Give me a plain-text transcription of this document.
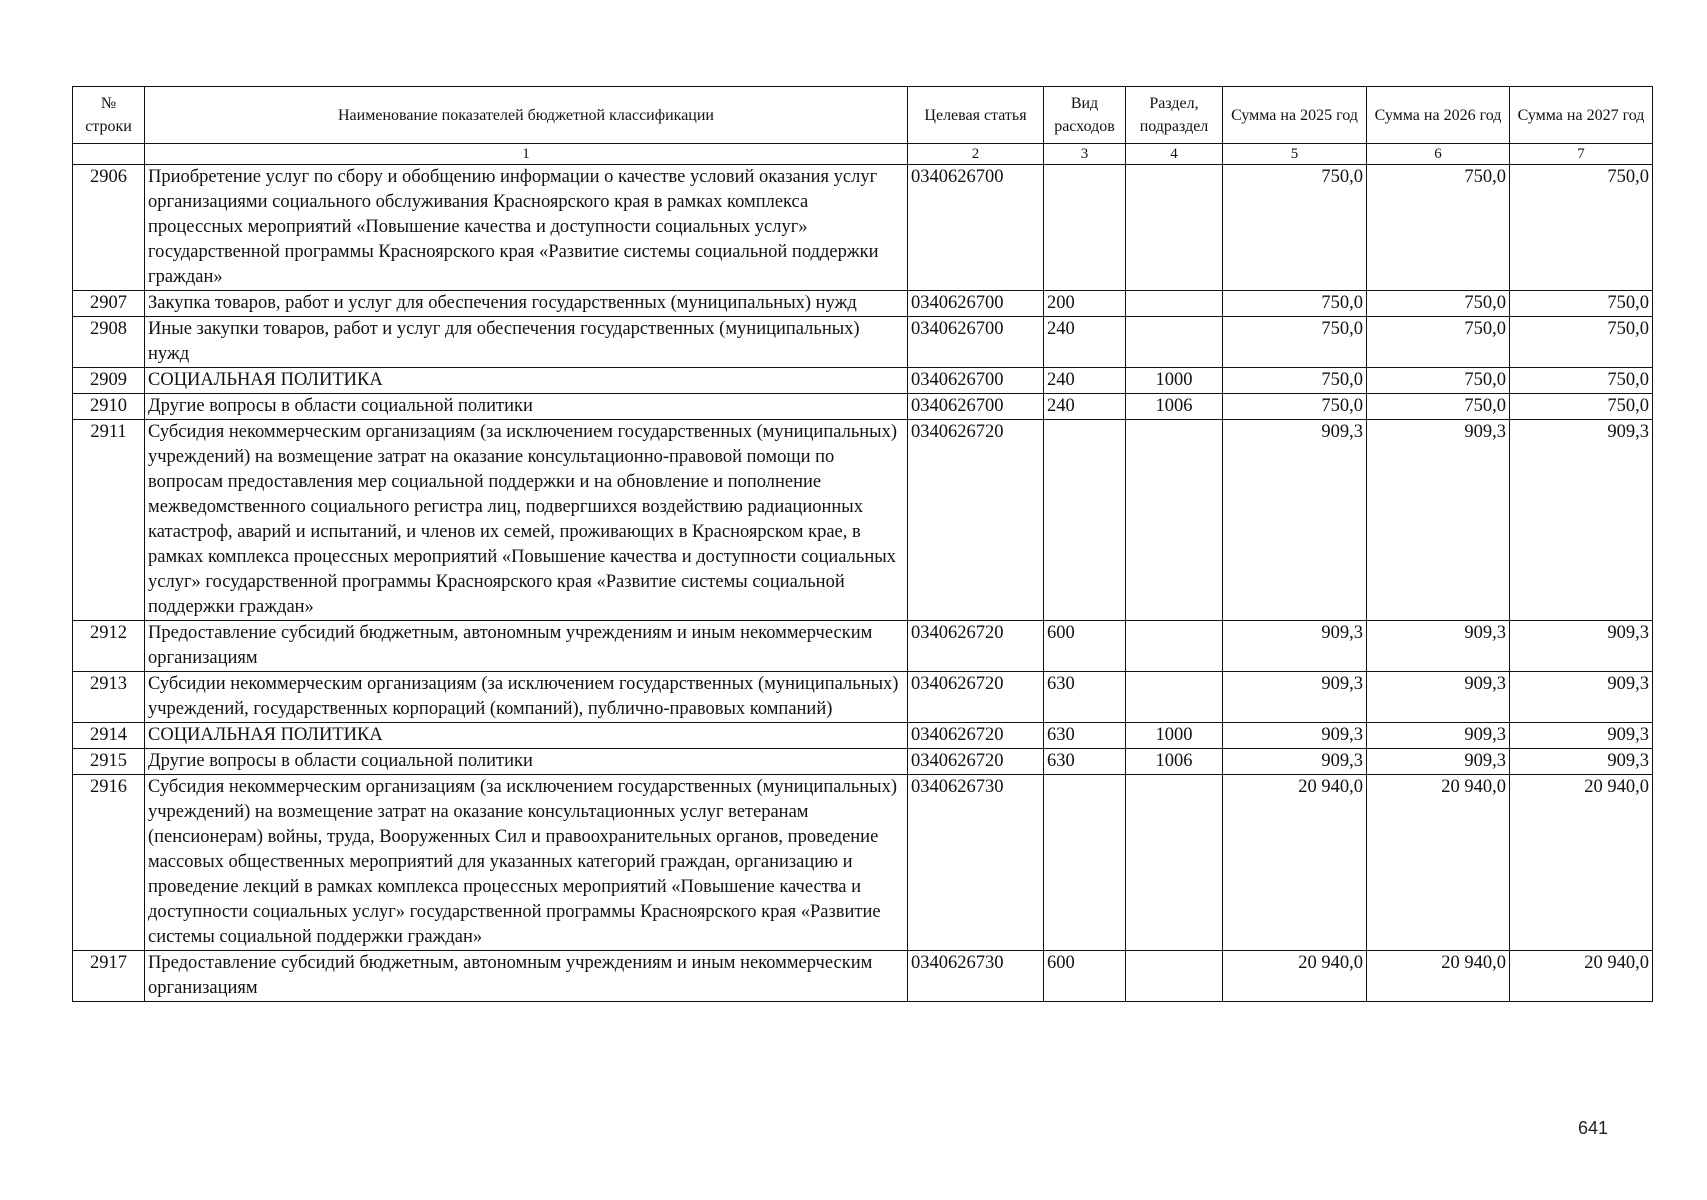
№ строки	Наименование показателей бюджетной классификации	Целевая статья	Вид расходов	Раздел, подраздел	Сумма на 2025 год	Сумма на 2026 год	Сумма на 2027 год
	1	2	3	4	5	6	7
2906	Приобретение услуг по сбору и обобщению информации о качестве условий оказания услуг организациями социального обслуживания Красноярского края в рамках комплекса процессных мероприятий «Повышение качества и доступности социальных услуг» государственной программы Красноярского края «Развитие системы социальной поддержки граждан»	0340626700			750,0	750,0	750,0
2907	Закупка товаров, работ и услуг для обеспечения государственных (муниципальных) нужд	0340626700	200		750,0	750,0	750,0
2908	Иные закупки товаров, работ и услуг для обеспечения государственных (муниципальных) нужд	0340626700	240		750,0	750,0	750,0
2909	СОЦИАЛЬНАЯ ПОЛИТИКА	0340626700	240	1000	750,0	750,0	750,0
2910	Другие вопросы в области социальной политики	0340626700	240	1006	750,0	750,0	750,0
2911	Субсидия некоммерческим организациям (за исключением государственных (муниципальных) учреждений) на возмещение затрат на оказание консультационно-правовой помощи по вопросам предоставления мер социальной поддержки и на обновление и пополнение межведомственного социального регистра лиц, подвергшихся воздействию радиационных катастроф, аварий и испытаний, и членов их семей, проживающих в Красноярском крае, в рамках комплекса процессных мероприятий «Повышение качества и доступности социальных услуг» государственной программы Красноярского края «Развитие системы социальной поддержки граждан»	0340626720			909,3	909,3	909,3
2912	Предоставление субсидий бюджетным, автономным учреждениям и иным некоммерческим организациям	0340626720	600		909,3	909,3	909,3
2913	Субсидии некоммерческим организациям (за исключением государственных (муниципальных) учреждений, государственных корпораций (компаний), публично-правовых компаний)	0340626720	630		909,3	909,3	909,3
2914	СОЦИАЛЬНАЯ ПОЛИТИКА	0340626720	630	1000	909,3	909,3	909,3
2915	Другие вопросы в области социальной политики	0340626720	630	1006	909,3	909,3	909,3
2916	Субсидия некоммерческим организациям (за исключением государственных (муниципальных) учреждений) на возмещение затрат на оказание консультационных услуг ветеранам (пенсионерам) войны, труда, Вооруженных Сил и правоохранительных органов, проведение массовых общественных мероприятий для указанных категорий граждан, организацию и проведение лекций в рамках комплекса процессных мероприятий «Повышение качества и доступности социальных услуг» государственной программы Красноярского края «Развитие системы социальной поддержки граждан»	0340626730			20 940,0	20 940,0	20 940,0
2917	Предоставление субсидий бюджетным, автономным учреждениям и иным некоммерческим организациям	0340626730	600		20 940,0	20 940,0	20 940,0
641
